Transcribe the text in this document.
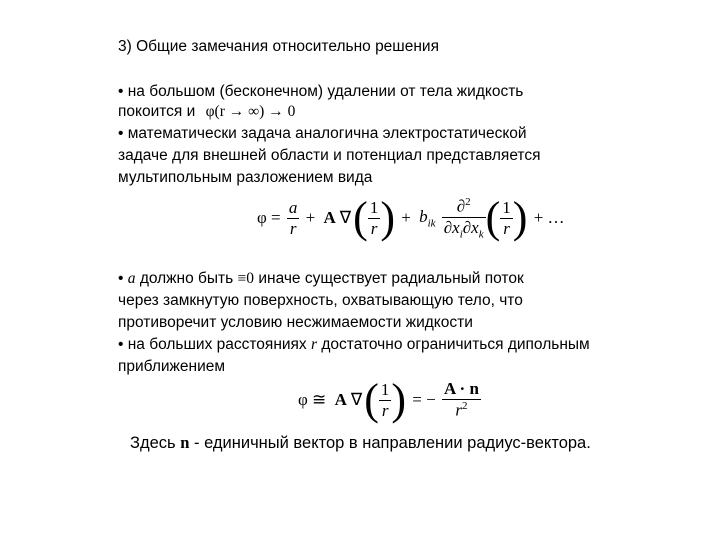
3) Общие замечания относительно решения
• на большом (бесконечном) удалении от тела жидкость
покоится и φ(r → ∞) → 0
• математически задача аналогична электростатической
задаче для внешней области и потенциал представляется
мультипольным разложением вида
$\varphi = \frac{a}{r} + A$ ∇( $\frac{1}{r}$ ) + $b_{ik} \frac{\partial^2}{\partial x_i\partial x_k}$ ( $\frac{1}{r}$ ) + …
• a должно быть ≡0 иначе существует радиальный поток
через замкнутую поверхность, охватывающую тело, что
противоречит условию несжимаемости жидкости
• на больших расстояниях r достаточно ограничиться дипольным
приближением
φ ≅ A ∇( $\frac{1}{r}$ ) = − $\frac{A \cdot n}{r^2}$
Здесь n - единичный вектор в направлении радиус-вектора.
